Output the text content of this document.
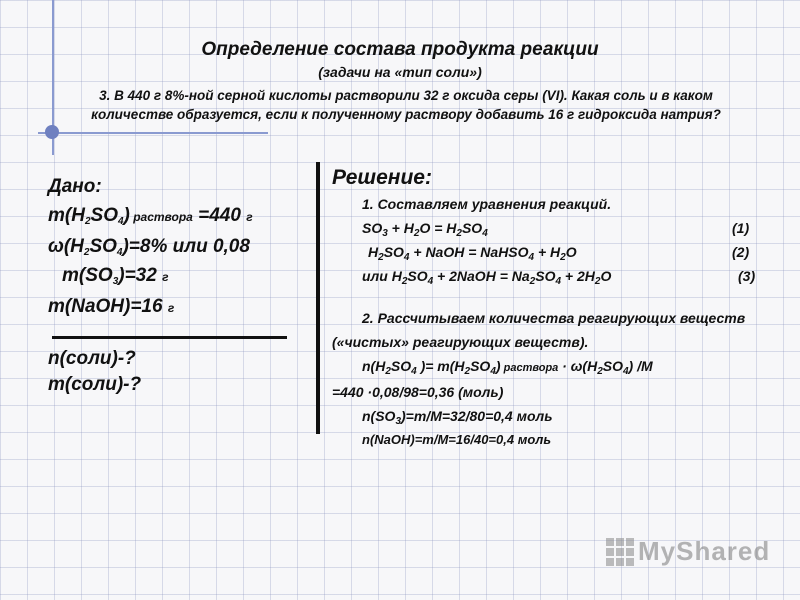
Определение состава продукта реакции

(задачи на «тип соли»)

3. В 440 г 8%-ной серной кислоты растворили 32 г оксида серы (VI). Какая соль и в каком количестве образуется, если к полученному раствору добавить 16 г гидроксида натрия?
Дано:
$m(H_2SO_4)$ раствора =440 г
$\omega(H_2SO_4)=8\%$ или 0,08
$m(SO_3)=32$ г
m(NaOH)=16 г
n(соли)-?
m(соли)-?

Решение:

1. Составляем уравнения реакций.
$SO_3 + H_2O = H_2SO_4$	(1)
$H_2SO_4$ + NaOH = NaHSO$_4$ + $H_2O$	(2)
или $H_2SO_4$ + 2NaOH = $Na_2SO_4 + 2H_2O$	(3)
2. Рассчитываем количества реагирующих веществ («чистых» реагирующих веществ).
$n(H_2SO_4$ )= $m(H_2SO_4)$ раствора · $\omega(H_2SO_4)$ /M
=440 ·0,08/98=0,36 (моль)
$n(SO_3)=m/M=32/80=0,4$ моль
n(NaOH)=m/M=16/40=0,4 моль
MyShared
